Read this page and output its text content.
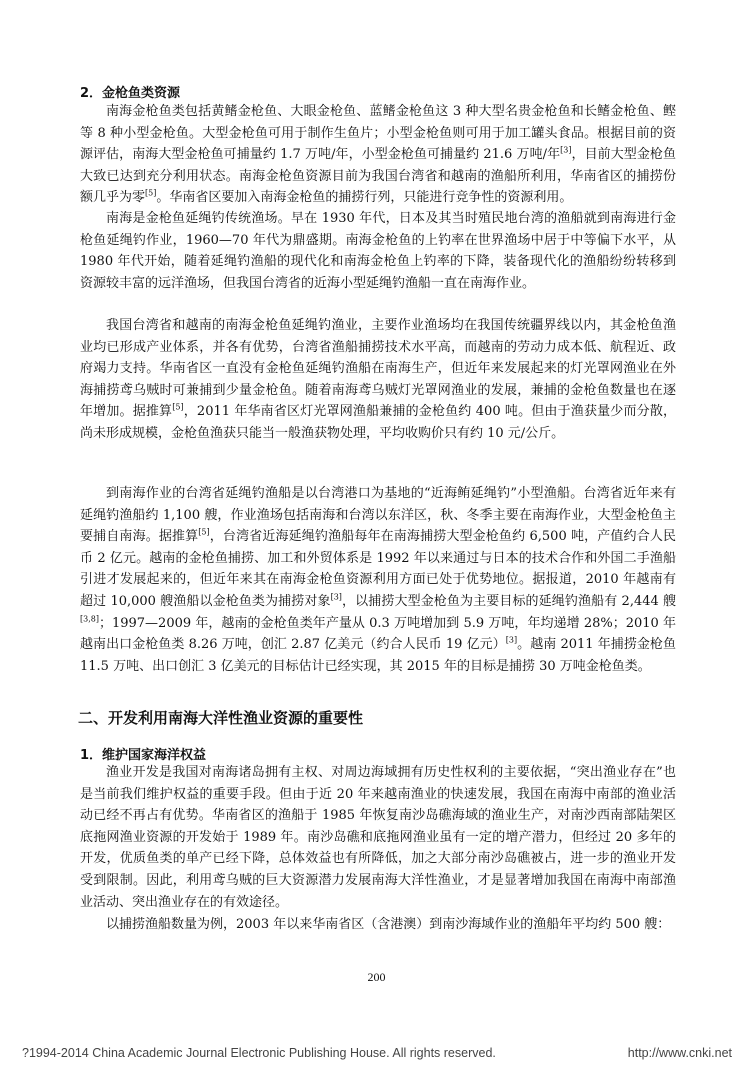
2．金枪鱼类资源

南海金枪鱼类包括黄鳍金枪鱼、大眼金枪鱼、蓝鳍金枪鱼这 3 种大型名贵金枪鱼和长鳍金枪鱼、鲣等 8 种小型金枪鱼。大型金枪鱼可用于制作生鱼片；小型金枪鱼则可用于加工罐头食品。根据目前的资源评估，南海大型金枪鱼可捕量约 1.7 万吨/年，小型金枪鱼可捕量约 21.6 万吨/年[3]，目前大型金枪鱼大致已达到充分利用状态。南海金枪鱼资源目前为我国台湾省和越南的渔船所利用，华南省区的捕捞份额几乎为零[5]。华南省区要加入南海金枪鱼的捕捞行列，只能进行竞争性的资源利用。

南海是金枪鱼延绳钓传统渔场。早在 1930 年代，日本及其当时殖民地台湾的渔船就到南海进行金枪鱼延绳钓作业，1960—70 年代为鼎盛期。南海金枪鱼的上钓率在世界渔场中居于中等偏下水平，从 1980 年代开始，随着延绳钓渔船的现代化和南海金枪鱼上钓率的下降，装备现代化的渔船纷纷转移到资源较丰富的远洋渔场，但我国台湾省的近海小型延绳钓渔船一直在南海作业。

我国台湾省和越南的南海金枪鱼延绳钓渔业，主要作业渔场均在我国传统疆界线以内，其金枪鱼渔业均已形成产业体系，并各有优势，台湾省渔船捕捞技术水平高，而越南的劳动力成本低、航程近、政府竭力支持。华南省区一直没有金枪鱼延绳钓渔船在南海生产，但近年来发展起来的灯光罩网渔业在外海捕捞鸢乌贼时可兼捕到少量金枪鱼。随着南海鸢乌贼灯光罩网渔业的发展，兼捕的金枪鱼数量也在逐年增加。据推算[5]，2011 年华南省区灯光罩网渔船兼捕的金枪鱼约 400 吨。但由于渔获量少而分散，尚未形成规模，金枪鱼渔获只能当一般渔获物处理，平均收购价只有约 10 元/公斤。

到南海作业的台湾省延绳钓渔船是以台湾港口为基地的“近海鲔延绳钓”小型渔船。台湾省近年来有延绳钓渔船约 1,100 艘，作业渔场包括南海和台湾以东洋区，秋、冬季主要在南海作业，大型金枪鱼主要捕自南海。据推算[5]，台湾省近海延绳钓渔船每年在南海捕捞大型金枪鱼约 6,500 吨，产值约合人民币 2 亿元。越南的金枪鱼捕捞、加工和外贸体系是 1992 年以来通过与日本的技术合作和外国二手渔船引进才发展起来的，但近年来其在南海金枪鱼资源利用方面已处于优势地位。据报道，2010 年越南有超过 10,000 艘渔船以金枪鱼类为捕捞对象[3]，以捕捞大型金枪鱼为主要目标的延绳钓渔船有 2,444 艘[3,8]；1997—2009 年，越南的金枪鱼类年产量从 0.3 万吨增加到 5.9 万吨，年均递增 28%；2010 年越南出口金枪鱼类 8.26 万吨，创汇 2.87 亿美元（约合人民币 19 亿元）[3]。越南 2011 年捕捞金枪鱼 11.5 万吨、出口创汇 3 亿美元的目标估计已经实现，其 2015 年的目标是捕捞 30 万吨金枪鱼类。

二、开发利用南海大洋性渔业资源的重要性
1．维护国家海洋权益

渔业开发是我国对南海诸岛拥有主权、对周边海域拥有历史性权利的主要依据，“突出渔业存在”也是当前我们维护权益的重要手段。但由于近 20 年来越南渔业的快速发展，我国在南海中南部的渔业活动已经不再占有优势。华南省区的渔船于 1985 年恢复南沙岛礁海域的渔业生产，对南沙西南部陆架区底拖网渔业资源的开发始于 1989 年。南沙岛礁和底拖网渔业虽有一定的增产潜力，但经过 20 多年的开发，优质鱼类的单产已经下降，总体效益也有所降低，加之大部分南沙岛礁被占，进一步的渔业开发受到限制。因此，利用鸢乌贼的巨大资源潜力发展南海大洋性渔业，才是显著增加我国在南海中南部渔业活动、突出渔业存在的有效途径。

以捕捞渔船数量为例，2003 年以来华南省区（含港澳）到南沙海域作业的渔船年平均约 500 艘：

200
?1994-2014 China Academic Journal Electronic Publishing House. All rights reserved.	http://www.cnki.net
